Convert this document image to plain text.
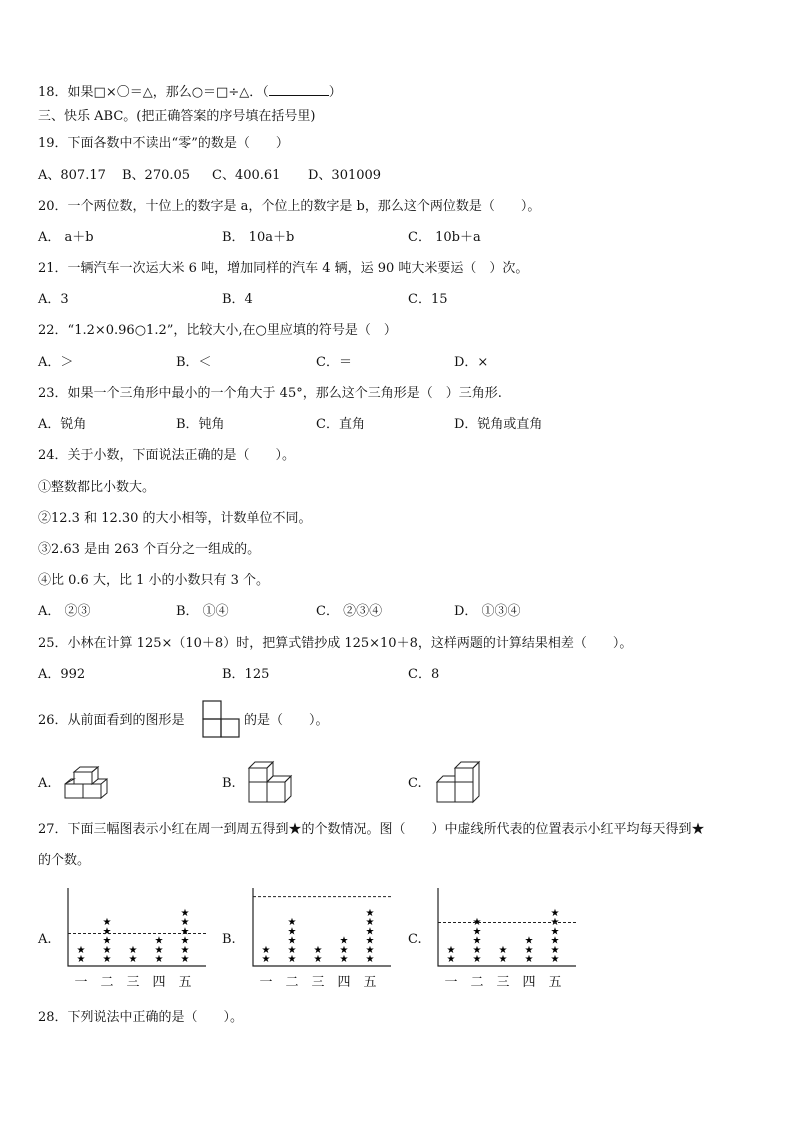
18．如果□×〇＝△，那么○＝□÷△．（	）
三、快乐 ABC。(把正确答案的序号填在括号里)
19．下面各数中不读出“零”的数是（　　）
A、807.17 B、270.05 C、400.61 D、301009
20．一个两位数，十位上的数字是 a，个位上的数字是 b，那么这个两位数是（　　）。
A． a＋b	B． 10a＋b	C． 10b＋a
21．一辆汽车一次运大米 6 吨，增加同样的汽车 4 辆，运 90 吨大米要运（　）次。
A．3	B．4	C．15
22．“1.2×0.96○1.2”，比较大小,在○里应填的符号是（　）
A．＞	B．＜	C．＝	D．×
23．如果一个三角形中最小的一个角大于 45°，那么这个三角形是（　）三角形.
A．锐角	B．钝角	C．直角	D．锐角或直角
24．关于小数，下面说法正确的是（　　）。
①整数都比小数大。
②12.3 和 12.30 的大小相等，计数单位不同。
③2.63 是由 263 个百分之一组成的。
④比 0.6 大，比 1 小的小数只有 3 个。
A． ②③	B． ①④	C． ②③④	D． ①③④
25．小林在计算 125×（10＋8）时，把算式错抄成 125×10＋8，这样两题的计算结果相差（　　）。
A．992	B．125	C．8
26．从前面看到的图形是	的是（　　）。
A.	B.	C.
27．下面三幅图表示小红在周一到周五得到★的个数情况。图（　　）中虚线所代表的位置表示小红平均每天得到★
的个数。
A.	B.	C.
★
★
一
★
★
★
★
★
二
★
★
三
★
★
★
四
★
★
★
★
★
★
五
★
★
一
★
★
★
★
★
二
★
★
三
★
★
★
四
★
★
★
★
★
★
五
★
★
一
★
★
★
★
★
二
★
★
三
★
★
★
四
★
★
★
★
★
★
五
28．下列说法中正确的是（　　）。
